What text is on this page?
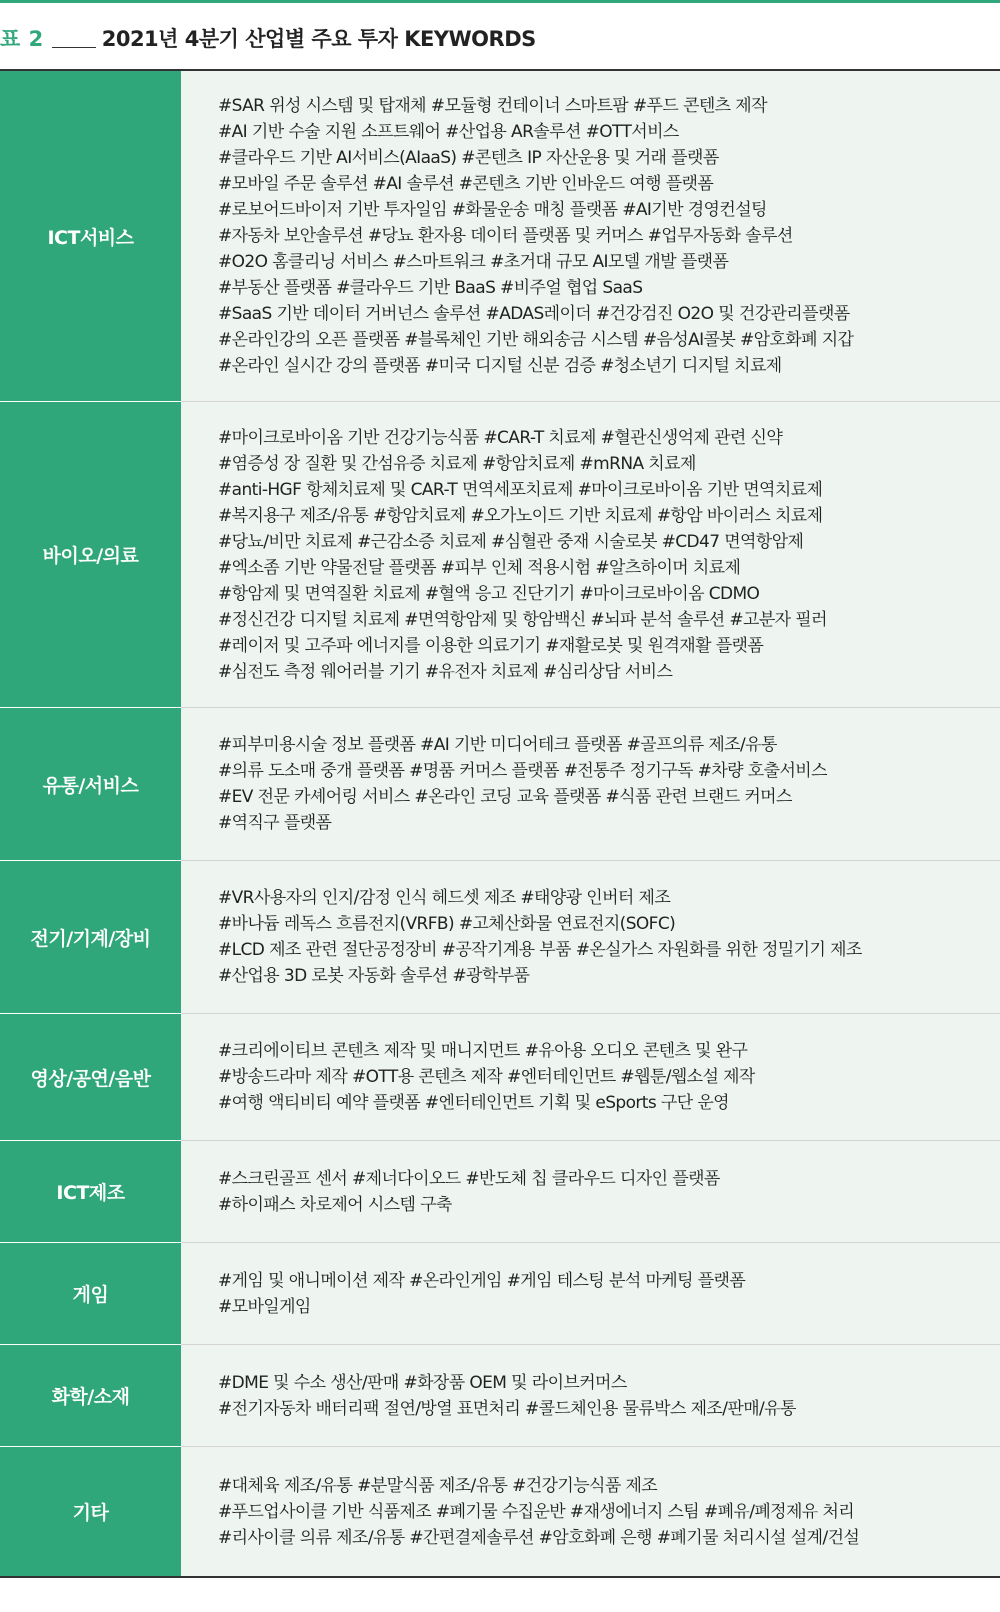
표 2	2021년 4분기 산업별 주요 투자 KEYWORDS
ICT서비스
#SAR 위성 시스템 및 탑재체 #모듈형 컨테이너 스마트팜 #푸드 콘텐츠 제작
#AI 기반 수술 지원 소프트웨어 #산업용 AR솔루션 #OTT서비스
#클라우드 기반 AI서비스(AIaaS) #콘텐츠 IP 자산운용 및 거래 플랫폼
#모바일 주문 솔루션 #AI 솔루션 #콘텐츠 기반 인바운드 여행 플랫폼
#로보어드바이저 기반 투자일임 #화물운송 매칭 플랫폼 #AI기반 경영컨설팅
#자동차 보안솔루션 #당뇨 환자용 데이터 플랫폼 및 커머스 #업무자동화 솔루션
#O2O 홈클리닝 서비스 #스마트워크 #초거대 규모 AI모델 개발 플랫폼
#부동산 플랫폼 #클라우드 기반 BaaS #비주얼 협업 SaaS
#SaaS 기반 데이터 거버넌스 솔루션 #ADAS레이더 #건강검진 O2O 및 건강관리플랫폼
#온라인강의 오픈 플랫폼 #블록체인 기반 해외송금 시스템 #음성AI콜봇 #암호화폐 지갑
#온라인 실시간 강의 플랫폼 #미국 디지털 신분 검증 #청소년기 디지털 치료제
바이오/의료
#마이크로바이옴 기반 건강기능식품 #CAR-T 치료제 #혈관신생억제 관련 신약
#염증성 장 질환 및 간섬유증 치료제 #항암치료제 #mRNA 치료제
#anti-HGF 항체치료제 및 CAR-T 면역세포치료제 #마이크로바이옴 기반 면역치료제
#복지용구 제조/유통 #항암치료제 #오가노이드 기반 치료제 #항암 바이러스 치료제
#당뇨/비만 치료제 #근감소증 치료제 #심혈관 중재 시술로봇 #CD47 면역항암제
#엑소좀 기반 약물전달 플랫폼 #피부 인체 적용시험 #알츠하이머 치료제
#항암제 및 면역질환 치료제 #혈액 응고 진단기기 #마이크로바이옴 CDMO
#정신건강 디지털 치료제 #면역항암제 및 항암백신 #뇌파 분석 솔루션 #고분자 필러
#레이저 및 고주파 에너지를 이용한 의료기기 #재활로봇 및 원격재활 플랫폼
#심전도 측정 웨어러블 기기 #유전자 치료제 #심리상담 서비스
유통/서비스
#피부미용시술 정보 플랫폼 #AI 기반 미디어테크 플랫폼 #골프의류 제조/유통
#의류 도소매 중개 플랫폼 #명품 커머스 플랫폼 #전통주 정기구독 #차량 호출서비스
#EV 전문 카셰어링 서비스 #온라인 코딩 교육 플랫폼 #식품 관련 브랜드 커머스
#역직구 플랫폼
전기/기계/장비
#VR사용자의 인지/감정 인식 헤드셋 제조 #태양광 인버터 제조
#바나듐 레독스 흐름전지(VRFB) #고체산화물 연료전지(SOFC)
#LCD 제조 관련 절단공정장비 #공작기계용 부품 #온실가스 자원화를 위한 정밀기기 제조
#산업용 3D 로봇 자동화 솔루션 #광학부품
영상/공연/음반
#크리에이티브 콘텐츠 제작 및 매니지먼트 #유아용 오디오 콘텐츠 및 완구
#방송드라마 제작 #OTT용 콘텐츠 제작 #엔터테인먼트 #웹툰/웹소설 제작
#여행 액티비티 예약 플랫폼 #엔터테인먼트 기획 및 eSports 구단 운영
ICT제조
#스크린골프 센서 #제너다이오드 #반도체 칩 클라우드 디자인 플랫폼
#하이패스 차로제어 시스템 구축
게임
#게임 및 애니메이션 제작 #온라인게임 #게임 테스팅 분석 마케팅 플랫폼
#모바일게임
화학/소재
#DME 및 수소 생산/판매 #화장품 OEM 및 라이브커머스
#전기자동차 배터리팩 절연/방열 표면처리 #콜드체인용 물류박스 제조/판매/유통
기타
#대체육 제조/유통 #분말식품 제조/유통 #건강기능식품 제조
#푸드업사이클 기반 식품제조 #폐기물 수집운반 #재생에너지 스팀 #폐유/폐정제유 처리
#리사이클 의류 제조/유통 #간편결제솔루션 #암호화폐 은행 #폐기물 처리시설 설계/건설
